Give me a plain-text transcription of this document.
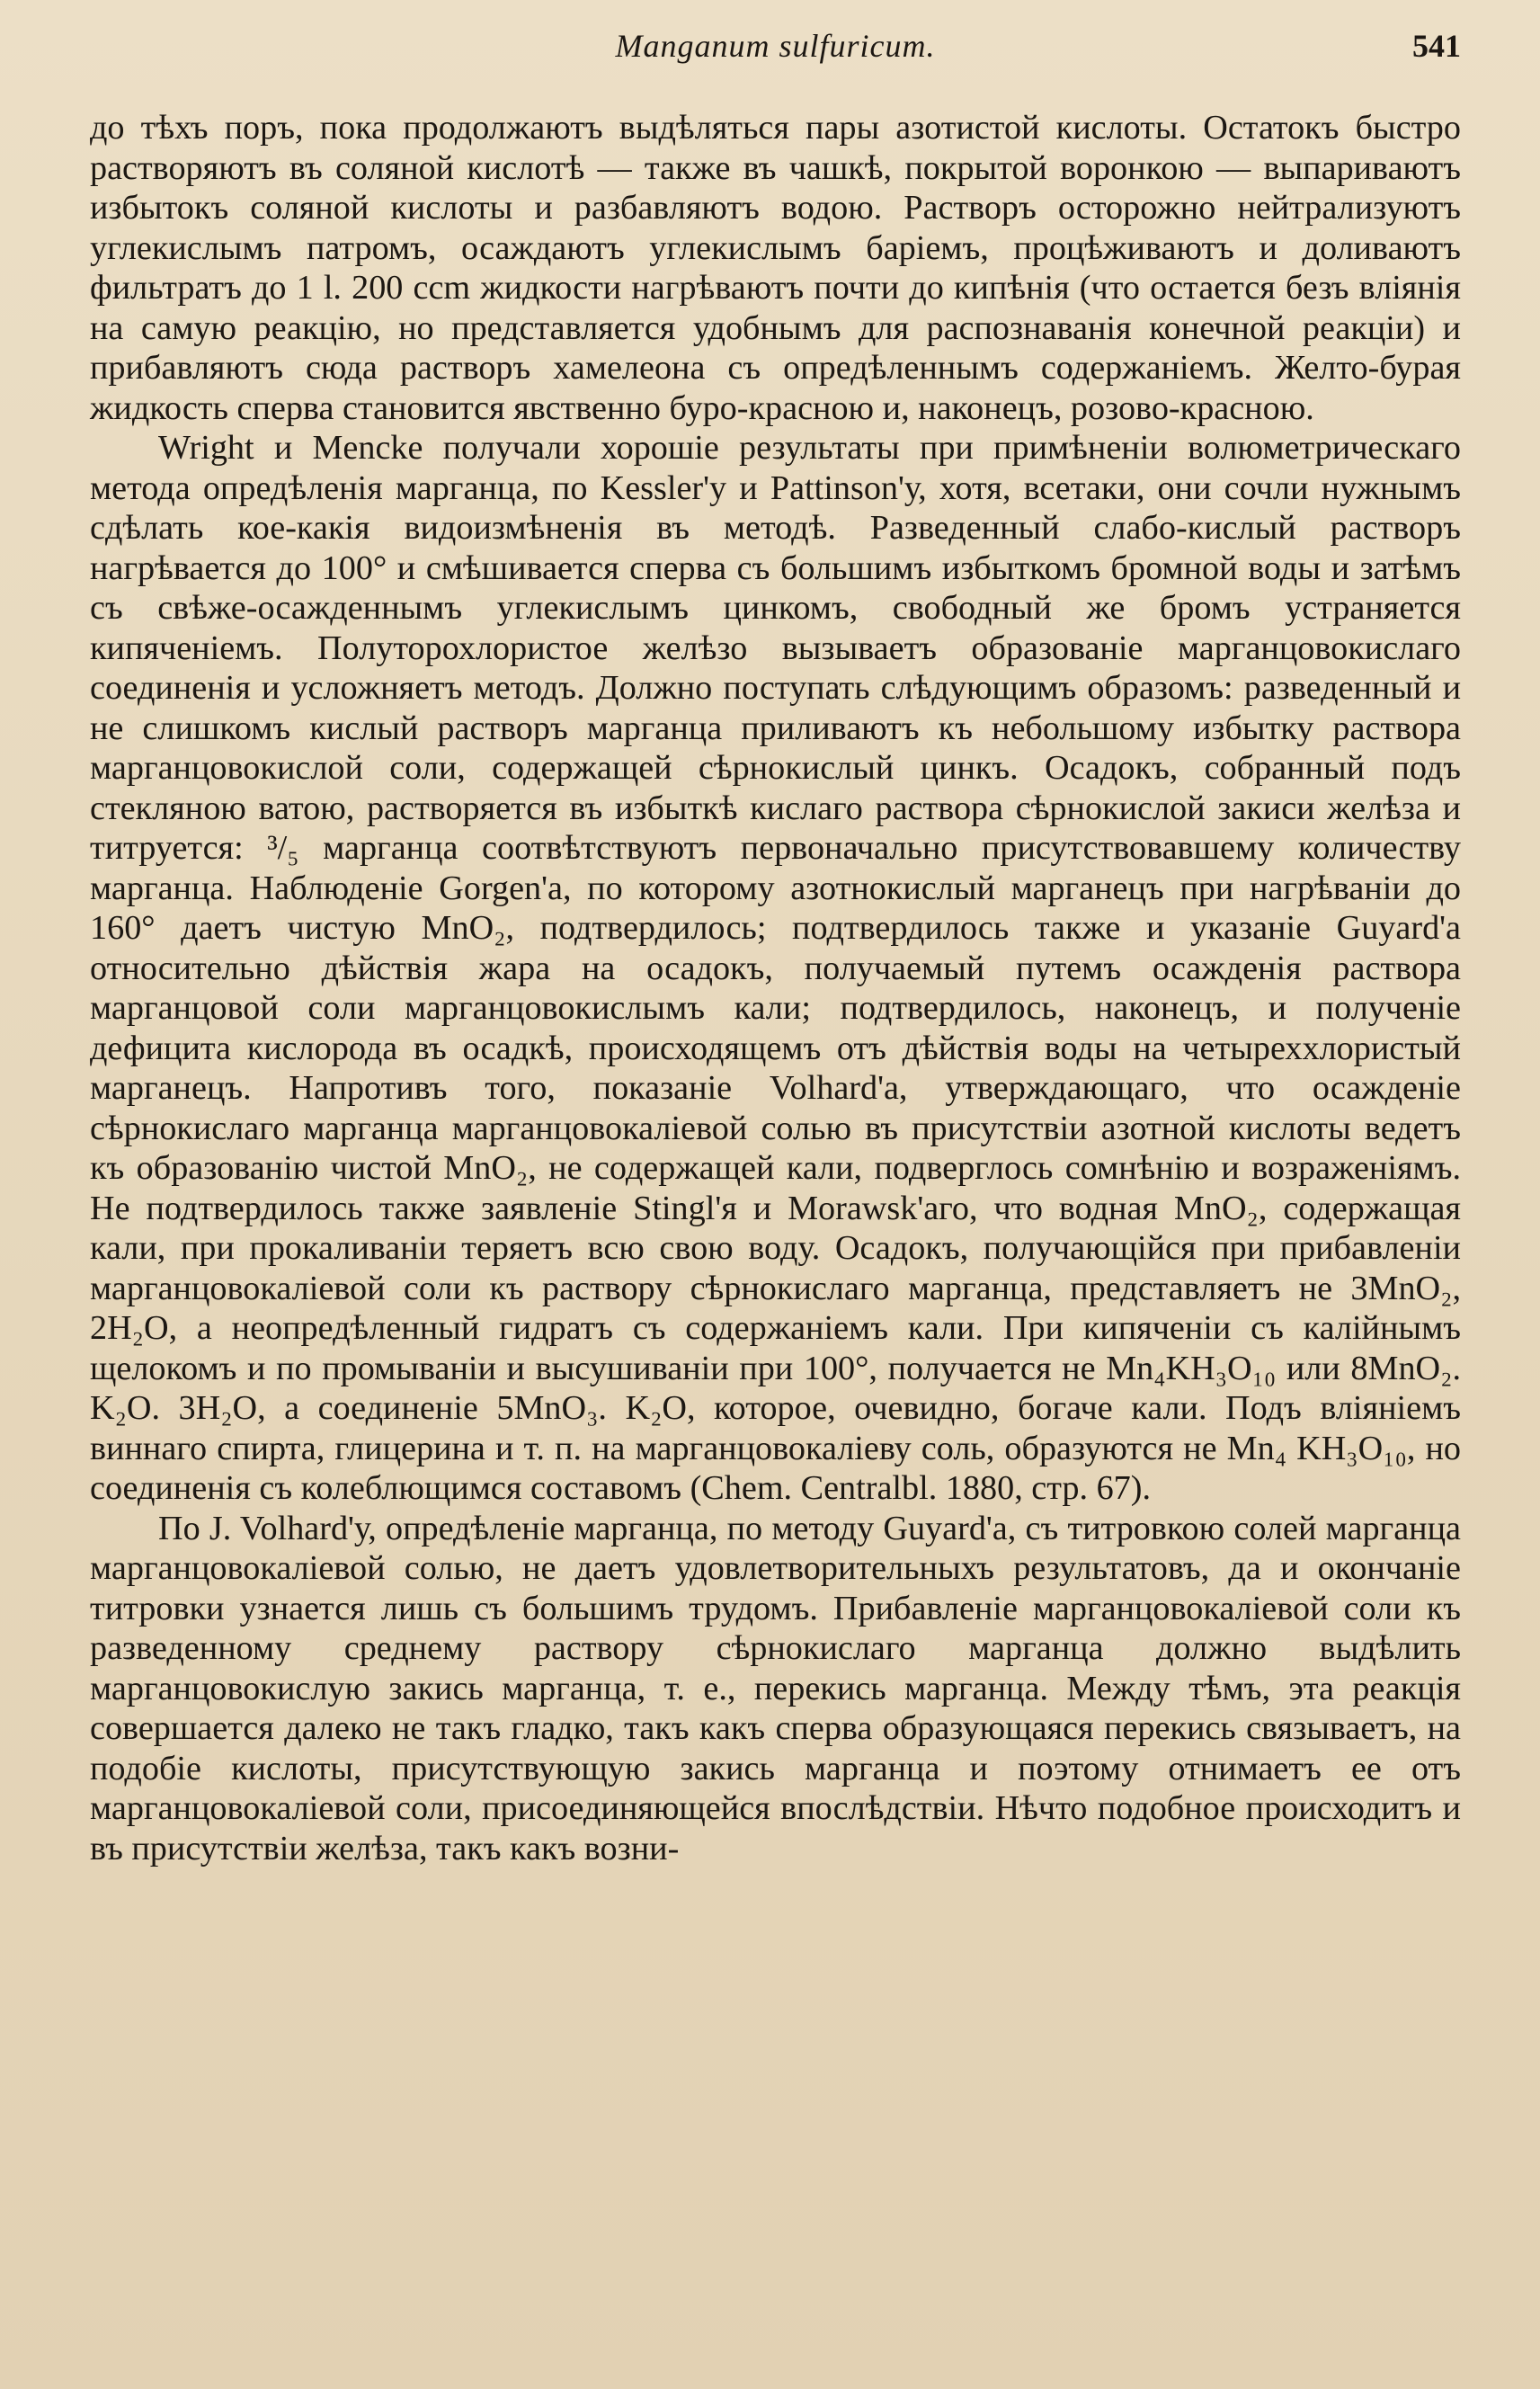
Manganum sulfuricum.	541

до тѣхъ поръ, пока продолжаютъ выдѣляться пары азотистой кислоты. Остатокъ быстро растворяютъ въ соляной кислотѣ — также въ чашкѣ, покрытой воронкою — выпариваютъ избытокъ соляной кислоты и разбавляютъ водою. Растворъ осторожно нейтрализуютъ углекислымъ патромъ, осаждаютъ углекислымъ баріемъ, процѣживаютъ и доливаютъ фильтратъ до 1 l. 200 ccm жидкости нагрѣваютъ почти до кипѣнія (что остается безъ вліянія на самую реакцію, но представляется удобнымъ для распознаванія конечной реакціи) и прибавляютъ сюда растворъ хамелеона съ опредѣленнымъ содержаніемъ. Желто-бурая жидкость сперва становится явственно буро-красною и, наконецъ, розово-красною.

Wright и Mencke получали хорошіе результаты при примѣненіи волюметрическаго метода опредѣленія марганца, по Kessler'у и Pattinson'у, хотя, всетаки, они сочли нужнымъ сдѣлать кое-какія видоизмѣненія въ методѣ. Разведенный слабо-кислый растворъ нагрѣвается до 100° и смѣшивается сперва съ большимъ избыткомъ бромной воды и затѣмъ съ свѣже-осажденнымъ углекислымъ цинкомъ, свободный же бромъ устраняется кипяченіемъ. Полуторохлористое желѣзо вызываетъ образованіе марганцовокислаго соединенія и усложняетъ методъ. Должно поступать слѣдующимъ образомъ: разведенный и не слишкомъ кислый растворъ марганца приливаютъ къ небольшому избытку раствора марганцовокислой соли, содержащей сѣрнокислый цинкъ. Осадокъ, собранный подъ стекляною ватою, растворяется въ избыткѣ кислаго раствора сѣрнокислой закиси желѣза и титруется: ³/₅ марганца соотвѣтствуютъ первоначально присутствовавшему количеству марганца. Наблюденіе Gorgen'а, по которому азотнокислый марганецъ при нагрѣваніи до 160° даетъ чистую MnO₂, подтвердилось; подтвердилось также и указаніе Guyard'а относительно дѣйствія жара на осадокъ, получаемый путемъ осажденія раствора марганцовой соли марганцовокислымъ кали; подтвердилось, наконецъ, и полученіе дефицита кислорода въ осадкѣ, происходящемъ отъ дѣйствія воды на четыреххлористый марганецъ. Напротивъ того, показаніе Volhard'а, утверждающаго, что осажденіе сѣрнокислаго марганца марганцовокаліевой солью въ присутствіи азотной кислоты ведетъ къ образованію чистой MnO₂, не содержащей кали, подверглось сомнѣнію и возраженіямъ. Не подтвердилось также заявленіе Stingl'я и Morawsk'аго, что водная MnO₂, содержащая кали, при прокаливаніи теряетъ всю свою воду. Осадокъ, получающійся при прибавленіи марганцовокаліевой соли къ раствору сѣрнокислаго марганца, представляетъ не 3MnO₂, 2H₂O, а неопредѣленный гидратъ съ содержаніемъ кали. При кипяченіи съ калійнымъ щелокомъ и по промываніи и высушиваніи при 100°, получается не Mn₄KH₃O₁₀ или 8MnO₂. K₂O. 3H₂O, а соединеніе 5MnO₃. K₂O, которое, очевидно, богаче кали. Подъ вліяніемъ виннаго спирта, глицерина и т. п. на марганцовокаліеву соль, образуются не Mn₄ KH₃O₁₀, но соединенія съ колеблющимся составомъ (Chem. Centralbl. 1880, стр. 67).

По J. Volhard'у, опредѣленіе марганца, по методу Guyard'а, съ титровкою солей марганца марганцовокаліевой солью, не даетъ удовлетворительныхъ результатовъ, да и окончаніе титровки узнается лишь съ большимъ трудомъ. Прибавленіе марганцовокаліевой соли къ разведенному среднему раствору сѣрнокислаго марганца должно выдѣлить марганцовокислую закись марганца, т. е., перекись марганца. Между тѣмъ, эта реакція совершается далеко не такъ гладко, такъ какъ сперва образующаяся перекись связываетъ, на подобіе кислоты, присутствующую закись марганца и поэтому отнимаетъ ее отъ марганцовокаліевой соли, присоединяющейся впослѣдствіи. Нѣчто подобное происходитъ и въ присутствіи желѣза, такъ какъ возни-
